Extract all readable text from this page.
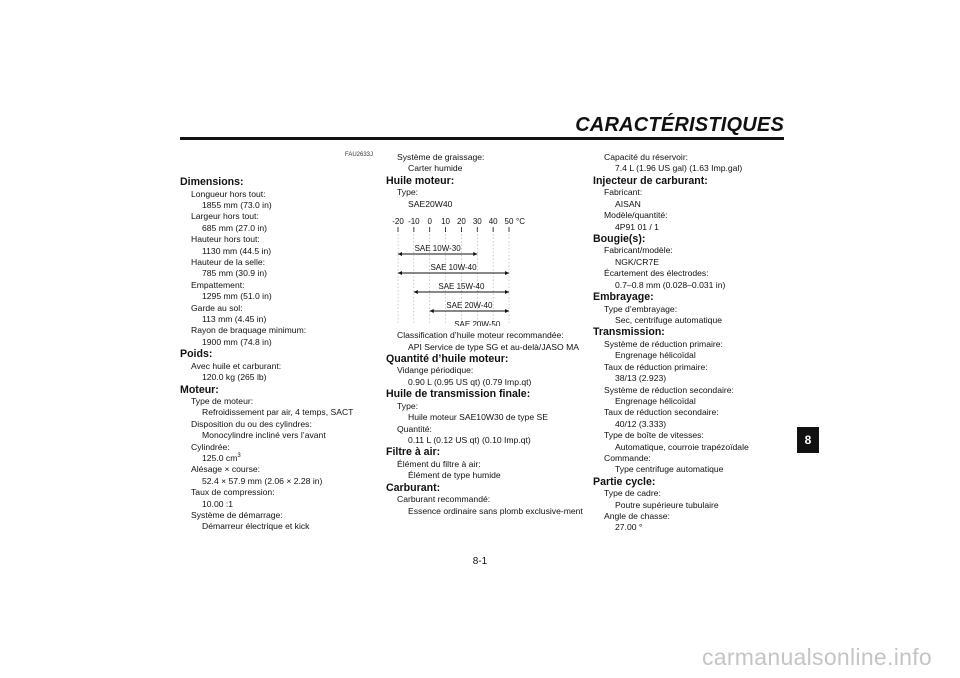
CARACTÉRISTIQUES
8
FAU2633J
Dimensions:
Longueur hors tout:
1855 mm (73.0 in)
Largeur hors tout:
685 mm (27.0 in)
Hauteur hors tout:
1130 mm (44.5 in)
Hauteur de la selle:
785 mm (30.9 in)
Empattement:
1295 mm (51.0 in)
Garde au sol:
113 mm (4.45 in)
Rayon de braquage minimum:
1900 mm (74.8 in)
Poids:
Avec huile et carburant:
120.0 kg (265 lb)
Moteur:
Type de moteur:
Refroidissement par air, 4 temps, SACT
Disposition du ou des cylindres:
Monocylindre incliné vers l’avant
Cylindrée:
125.0 $cm^3$
Alésage × course:
52.4 × 57.9 mm (2.06 × 2.28 in)
Taux de compression:
10.00 :1
Système de démarrage:
Démarreur électrique et kick
Système de graissage:
Carter humide
Huile moteur:
Type:
SAE20W40
-20 -10 0 10 20 30 40 50 °C
SAE 10W-30
SAE 10W-40
SAE 15W-40
SAE 20W-40
SAE 20W-50
Classification d’huile moteur recommandée:
API Service de type SG et au-delà/JASO MA
Quantité d’huile moteur:
Vidange périodique:
0.90 L (0.95 US qt) (0.79 Imp.qt)
Huile de transmission finale:
Type:
Huile moteur SAE10W30 de type SE
Quantité:
0.11 L (0.12 US qt) (0.10 Imp.qt)
Filtre à air:
Élément du filtre à air:
Élément de type humide
Carburant:
Carburant recommandé:
Essence ordinaire sans plomb exclusive-ment
Capacité du réservoir:
7.4 L (1.96 US gal) (1.63 Imp.gal)
Injecteur de carburant:
Fabricant:
AISAN
Modèle/quantité:
4P91 01 / 1
Bougie(s):
Fabricant/modèle:
NGK/CR7E
Écartement des électrodes:
0.7–0.8 mm (0.028–0.031 in)
Embrayage:
Type d’embrayage:
Sec, centrifuge automatique
Transmission:
Système de réduction primaire:
Engrenage hélicoïdal
Taux de réduction primaire:
38/13 (2.923)
Système de réduction secondaire:
Engrenage hélicoïdal
Taux de réduction secondaire:
40/12 (3.333)
Type de boîte de vitesses:
Automatique, courroie trapézoïdale
Commande:
Type centrifuge automatique
Partie cycle:
Type de cadre:
Poutre supérieure tubulaire
Angle de chasse:
27.00 °
8-1
carmanualsonline.info
